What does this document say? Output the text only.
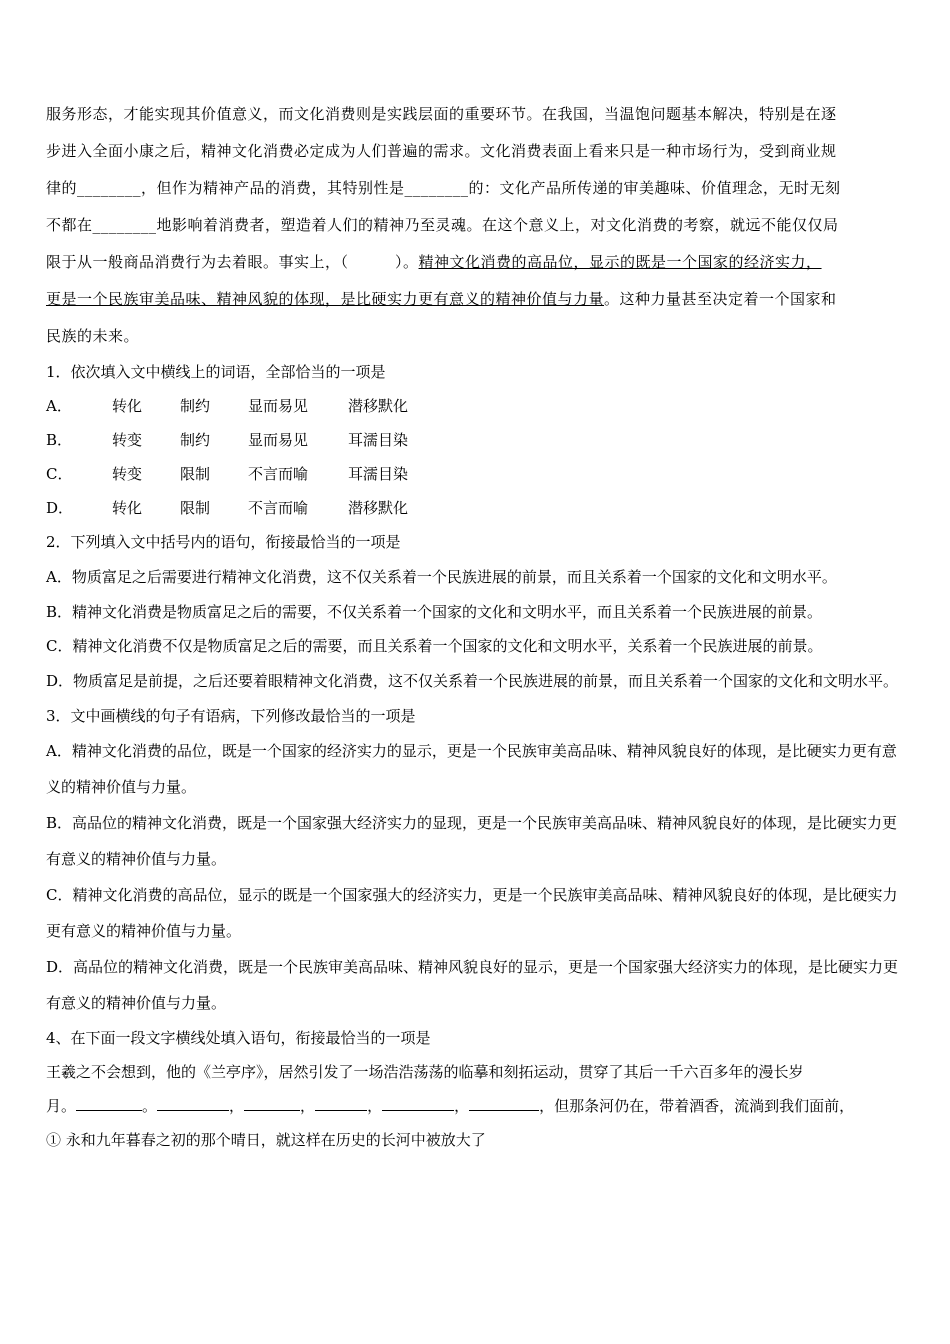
服务形态，才能实现其价值意义，而文化消费则是实践层面的重要环节。在我国，当温饱问题基本解决，特别是在逐

步进入全面小康之后，精神文化消费必定成为人们普遍的需求。文化消费表面上看来只是一种市场行为，受到商业规

律的________，但作为精神产品的消费，其特别性是________的：文化产品所传递的审美趣味、价值理念，无时无刻

不都在________地影响着消费者，塑造着人们的精神乃至灵魂。在这个意义上，对文化消费的考察，就远不能仅仅局

限于从一般商品消费行为去着眼。事实上，（　　　）。精神文化消费的高品位，显示的既是一个国家的经济实力，

更是一个民族审美品味、精神风貌的体现，是比硬实力更有意义的精神价值与力量。这种力量甚至决定着一个国家和

民族的未来。

1．依次填入文中横线上的词语，全部恰当的一项是

A．	转化	制约	显而易见	潜移默化

B．	转变	制约	显而易见	耳濡目染

C．	转变	限制	不言而喻	耳濡目染

D．	转化	限制	不言而喻	潜移默化

2．下列填入文中括号内的语句，衔接最恰当的一项是

A．物质富足之后需要进行精神文化消费，这不仅关系着一个民族进展的前景，而且关系着一个国家的文化和文明水平。

B．精神文化消费是物质富足之后的需要，不仅关系着一个国家的文化和文明水平，而且关系着一个民族进展的前景。

C．精神文化消费不仅是物质富足之后的需要，而且关系着一个国家的文化和文明水平，关系着一个民族进展的前景。

D．物质富足是前提，之后还要着眼精神文化消费，这不仅关系着一个民族进展的前景，而且关系着一个国家的文化和文明水平。

3．文中画横线的句子有语病，下列修改最恰当的一项是

A．精神文化消费的品位，既是一个国家的经济实力的显示，更是一个民族审美高品味、精神风貌良好的体现，是比硬实力更有意义的精神价值与力量。

B．高品位的精神文化消费，既是一个国家强大经济实力的显现，更是一个民族审美高品味、精神风貌良好的体现，是比硬实力更有意义的精神价值与力量。

C．精神文化消费的高品位，显示的既是一个国家强大的经济实力，更是一个民族审美高品味、精神风貌良好的体现，是比硬实力更有意义的精神价值与力量。

D．高品位的精神文化消费，既是一个民族审美高品味、精神风貌良好的显示，更是一个国家强大经济实力的体现，是比硬实力更有意义的精神价值与力量。

4、在下面一段文字横线处填入语句，衔接最恰当的一项是

王羲之不会想到，他的《兰亭序》，居然引发了一场浩浩荡荡的临摹和刻拓运动，贯穿了其后一千六百多年的漫长岁

月。	。	，	，	，	，	，但那条河仍在，带着酒香，流淌到我们面前，

① 永和九年暮春之初的那个晴日，就这样在历史的长河中被放大了
